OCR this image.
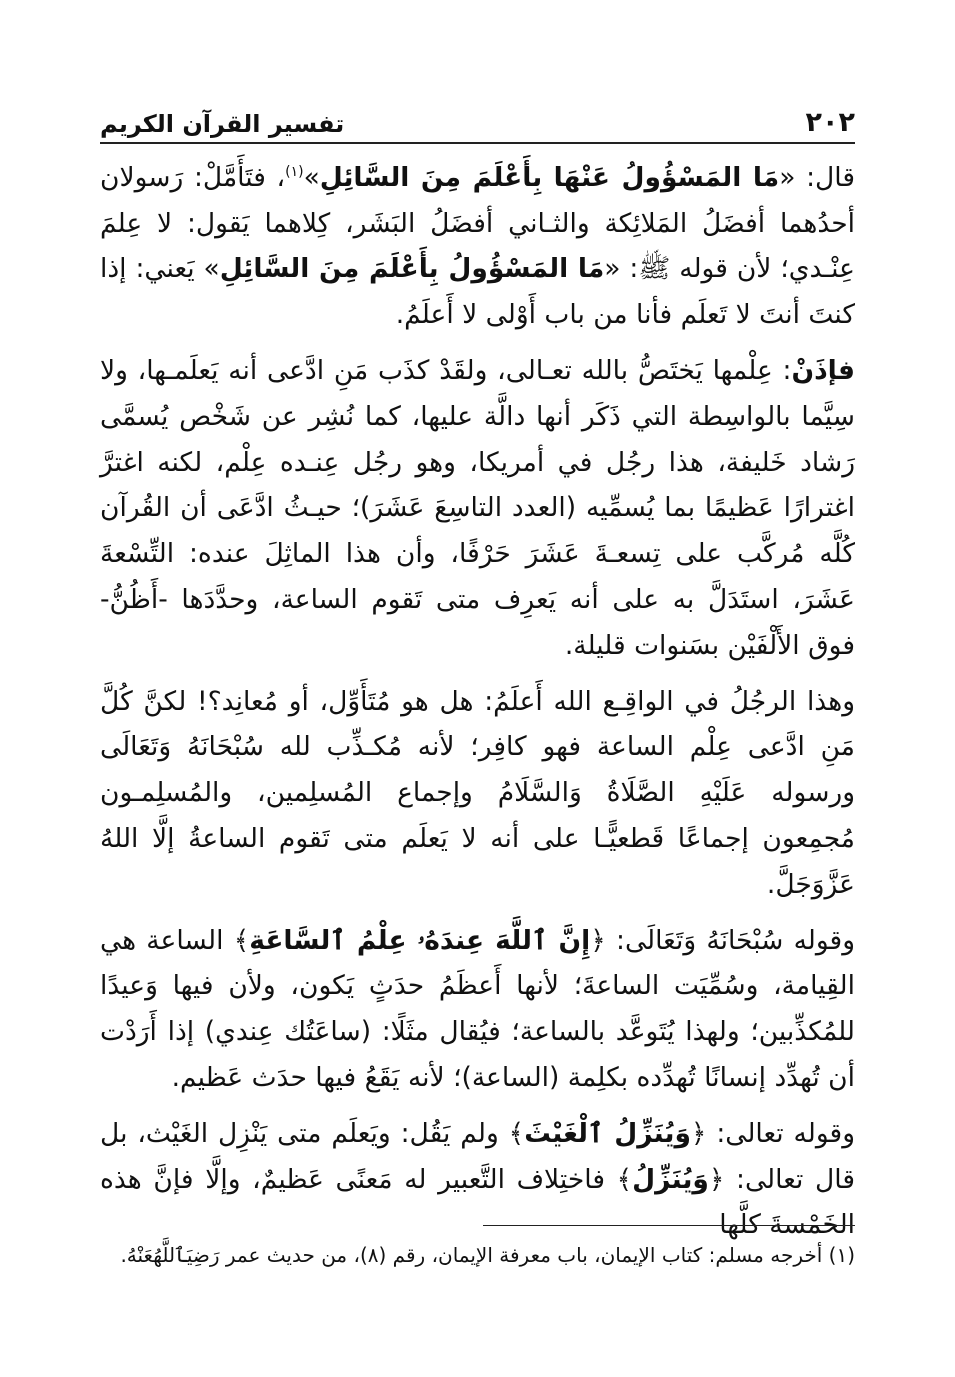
٢٠٢
تفسير القرآن الكريم

قال: «مَا المَسْؤُولُ عَنْهَا بِأَعْلَمَ مِنَ السَّائِلِ»$^{(١)}$، فتَأَمَّلْ: رَسولان أحدُهما أفضَلُ المَلائِكة والثـاني أفضَلُ البَشَر، كِلاهما يَقول: لا عِلمَ عِنْـدي؛ لأن قوله ﷺ: «مَا المَسْؤُولُ بِأَعْلَمَ مِنَ السَّائِلِ» يَعني: إذا كنتَ أنتَ لا تَعلَم فأنا من باب أَوْلى لا أَعلَمُ.

فإذَنْ: عِلْمها يَختَصُّ بالله تعـالى، ولقَدْ كذَب مَنِ ادَّعى أنه يَعلَمـها، ولا سِيَّما بالواسِطة التي ذَكَر أنها دالَّة عليها، كما نُشِر عن شَخْص يُسمَّى رَشاد خَليفة، هذا رجُل في أمريكا، وهو رجُل عِنـده عِلْم، لكنه اغترَّ اغترارًا عَظيمًا بما يُسمِّيه (العدد التاسِعَ عَشَرَ)؛ حيـثُ ادَّعَى أن القُرآن كُلَّه مُركَّب على تِسعـةَ عَشَرَ حَرْفًا، وأن هذا الماثِلَ عنده: التِّسْعةَ عَشَرَ، استَدَلَّ به على أنه يَعرِف متى تَقوم الساعة، وحدَّدَها -أَظُنُّ- فوق الأَلْفَيْن بسَنوات قليلة.

وهذا الرجُلُ في الواقِـع الله أَعلَمُ: هل هو مُتَأَوِّل، أو مُعانِد؟! لكنَّ كُلَّ مَنِ ادَّعى عِلْم الساعة فهو كافِر؛ لأنه مُكـذِّب لله سُبْحَانَهُ وَتَعَالَى ورسوله عَلَيْهِ الصَّلَاةُ وَالسَّلَامُ وإجماع المُسلِمين، والمُسلِمـون مُجمِعون إجماعًا قَطعيًّـا على أنه لا يَعلَم متى تَقوم الساعةُ إلَّا اللهُ عَزَّوَجَلَّ.

وقوله سُبْحَانَهُ وَتَعَالَى: ﴿إِنَّ ٱللَّهَ عِندَهُۥ عِلْمُ ٱلسَّاعَةِ﴾ الساعة هي القِيامة، وسُمِّيَت الساعةَ؛ لأنها أَعظَمُ حدَثٍ يَكون، ولأن فيها وَعيدًا للمُكذِّبين؛ ولهذا يُتَوعَّد بالساعة؛ فيُقال مثَلًا: (ساعَتُك عِندي) إذا أَرَدْت أن تُهدِّد إنسانًا تُهدِّده بكلِمة (الساعة)؛ لأنه يَقَعُ فيها حدَث عَظيم.

وقوله تعالى: ﴿وَيُنَزِّلُ ٱلْغَيْثَ﴾ ولم يَقُل: ويَعلَم متى يَنْزِل الغَيْث، بل قال تعالى: ﴿وَيُنَزِّلُ﴾ فاختِلاف التَّعبير له مَعنًى عَظيمٌ، وإلَّا فإنَّ هذه الخَمْسةَ كلَّها

(١) أخرجه مسلم: كتاب الإيمان، باب معرفة الإيمان، رقم (٨)، من حديث عمر رَضِيَٱللَّهُعَنْهُ.
